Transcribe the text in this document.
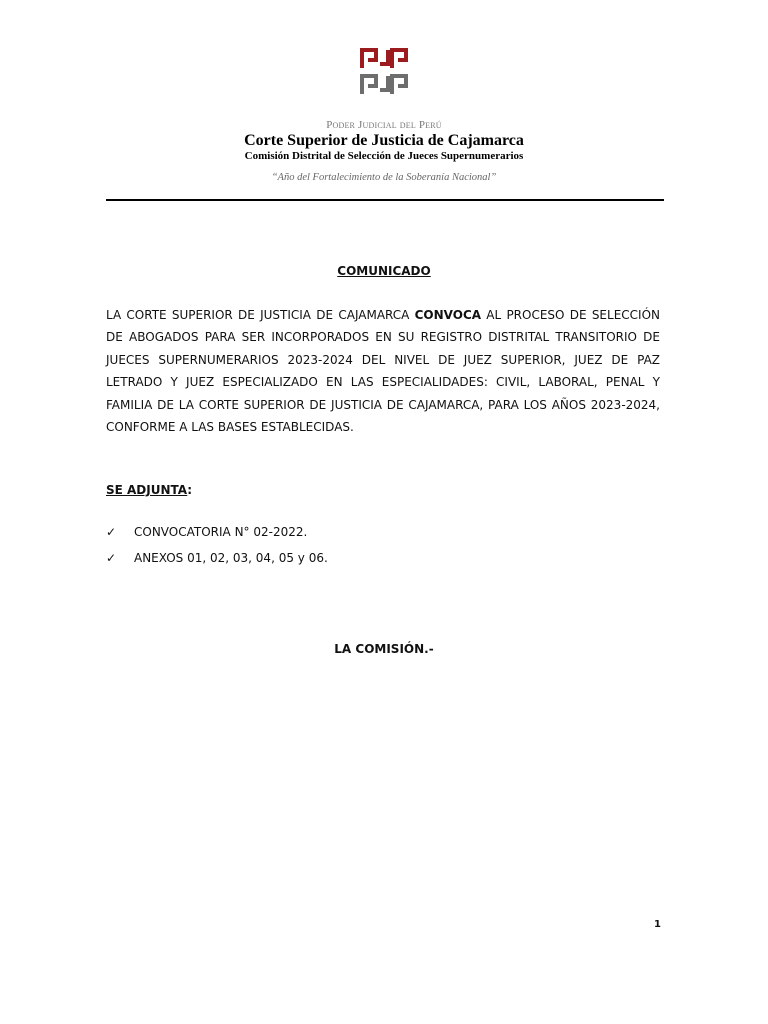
Poder Judicial del Perú
Corte Superior de Justicia de Cajamarca
Comisión Distrital de Selección de Jueces Supernumerarios
“Año del Fortalecimiento de la Soberanía Nacional”
COMUNICADO
LA CORTE SUPERIOR DE JUSTICIA DE CAJAMARCA CONVOCA AL PROCESO DE SELECCIÓN DE ABOGADOS PARA SER INCORPORADOS EN SU REGISTRO DISTRITAL TRANSITORIO DE JUECES SUPERNUMERARIOS 2023-2024 DEL NIVEL DE JUEZ SUPERIOR, JUEZ DE PAZ LETRADO Y JUEZ ESPECIALIZADO EN LAS ESPECIALIDADES: CIVIL, LABORAL, PENAL Y FAMILIA DE LA CORTE SUPERIOR DE JUSTICIA DE CAJAMARCA, PARA LOS AÑOS 2023-2024, CONFORME A LAS BASES ESTABLECIDAS.
SE ADJUNTA:
✓	CONVOCATORIA N° 02-2022.
✓	ANEXOS 01, 02, 03, 04, 05 y 06.
LA COMISIÓN.-
1
